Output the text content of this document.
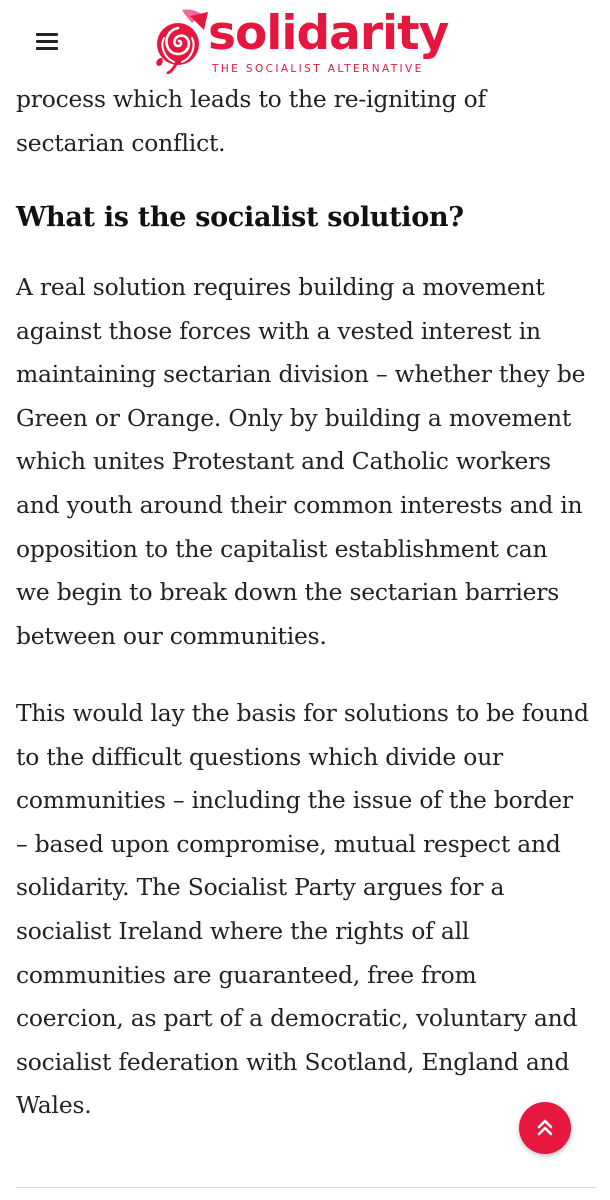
solidarity
THE SOCIALIST ALTERNATIVE

process which leads to the re-igniting of
sectarian conflict.

What is the socialist solution?

A real solution requires building a movement
against those forces with a vested interest in
maintaining sectarian division – whether they be
Green or Orange. Only by building a movement
which unites Protestant and Catholic workers
and youth around their common interests and in
opposition to the capitalist establishment can
we begin to break down the sectarian barriers
between our communities.

This would lay the basis for solutions to be found
to the difficult questions which divide our
communities – including the issue of the border
– based upon compromise, mutual respect and
solidarity. The Socialist Party argues for a
socialist Ireland where the rights of all
communities are guaranteed, free from
coercion, as part of a democratic, voluntary and
socialist federation with Scotland, England and
Wales.
